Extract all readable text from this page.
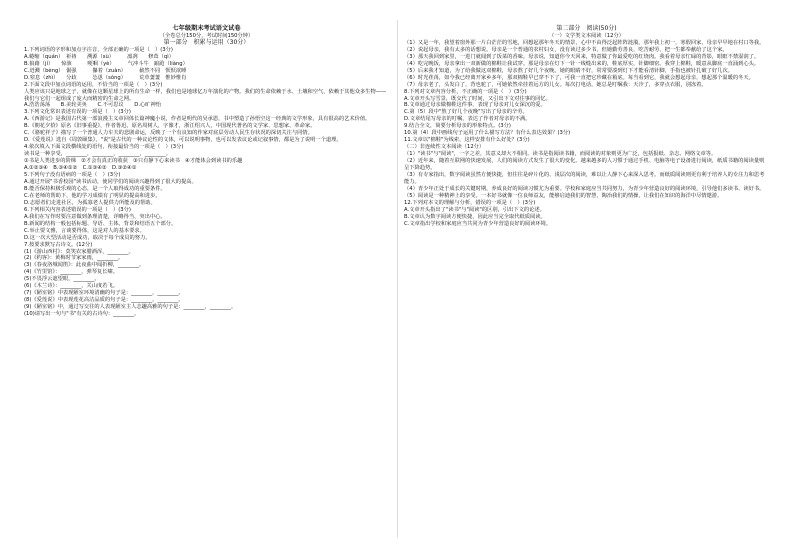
七年级期末考试语文试卷

（全卷总分150分，考试时间150分钟）

第一部分　积累与运用（30分）

1.下列词语的字形和加点字注音，全部正确的一项是（　）(3分)

A.蜷缩（quán）　祈祷　　溯源（sù）　　　凛冽　　修葺（qì）

B.狼藉（jí）　　惊骇　　　哽咽（yè）　　　气冲斗牛　踉跄（liàng）

C.迸溅（bèng）　倔强　　　攥着（zuàn）　　　截然不同　恹恹欲睡

D.窒息（zhì）　　分歧　　　怂恿（sǒng）　　　荒草萋萋　惟妙惟肖

2.下面文段中加点词语的运用，不恰当的一项是（　）(3分)

人类应该只是地球之子，就像在这颗星球上的所有生命一样，我们也是地球亿万年演化的产物。我们的生命依赖于水、土壤和空气，依赖于其他众多生物——我们与它们一起组成了庞大而精密的生命之网。

A.浩浩荡荡　　B.美轮美奂　　C.不可思议　　D.心旷神怡

3.下列文化常识表述有误的一项是（　）(3分)

A.《西游记》是我国古代第一部浪漫主义章回体长篇神魔小说，作者是明代的吴承恩，书中塑造了孙悟空这一经典的文学形象，具有很高的艺术价值。

B.《朝花夕拾》原名《旧事重提》，作者鲁迅，原名周树人，字豫才，浙江绍兴人，中国现代著名的文学家、思想家、革命家。

C.《骆驼祥子》描写了一个普通人力车夫的悲剧命运，反映了一个有良知的作家对底层劳动人民生存状况的深切关注与同情。

D.《爱莲说》选自《周敦颐集》，"说"是古代的一种议论性的文体，可以说明事物，也可以发表议论或记叙事情，都是为了说明一个道理。

4.依次填入下面文段横线处的语句，衔接最恰当的一项是（　）(3分)

读书是一种享受，________，________，________，________。

①书是人类进步的阶梯　②才会有真正的收获　③只有静下心来读书　④才能体会到读书的乐趣

A.①②③④　B.③④①②　C.①③④②　D.③②④①

5.下列句子没有语病的一项是（　）(3分)

A.通过开展"书香校园"读书活动，使同学们的阅读兴趣得到了很大的提高。

B.能否保持积极乐观的心态，是一个人取得成功的重要条件。

C.在老师的帮助下，他的学习成绩有了明显的提高和进步。

D.志愿者们走进社区，为孤寡老人提供力所能及的帮助。

6.下列相关内容表述错误的一项是（　）(3分)

A.我们在写作时要注意做到条理清楚，详略得当，突出中心。

B.新闻的结构一般包括标题、导语、主体、背景和结语五个部分。

C.举止要文雅，言谈要得体，这是对人的基本要求。

D.这一次大型活动是否成功，取决于每个成员的努力。

7.按要求默写古诗文。(12分)

(1)《游山西村》：莫笑农家腊酒浑，________。

(2)《约客》：黄梅时节家家雨，________。

(3)《春夜洛城闻笛》：此夜曲中闻折柳，________。

(4)《竹里馆》：________，弹琴复长啸。

(5)不畏浮云遮望眼，________。

(6)《木兰诗》：________，关山度若飞。

(7)《陋室铭》中表现陋室环境清幽的句子是：________，________。

(8)《爱莲说》中表现莲花高洁品质的句子是：________，________。

(9)《陋室铭》中，通过写交往的人表现陋室主人志趣高雅的句子是：________，________。

(10)请写出一句与"书"有关的古诗句：________。

第二部分　阅读(50分)

（一）文学类文本阅读（12分）

（1）又是一年，我望着窗外那一片白茫茫的雪地，回想起那年冬天的情景，心中不由得泛起阵阵涟漪。那年我上初一，寒假回家，母亲早早地在村口等我。

（2）说起母亲，我有太多的话想说。母亲是一个普通的农村妇女，没有读过多少书，但她勤劳善良，吃苦耐劳，把一生都奉献给了这个家。

（3）那天我回到家里，一进门就闻到了饭菜的香味。母亲说，知道你今天回来，特意做了你最爱吃的红烧肉。我看着母亲忙碌的背影，眼眶不禁湿润了。

（4）吃完晚饭，母亲拿出一双新做的棉鞋让我试穿。那是母亲在灯下一针一线缝出来的，鞋底厚实，针脚细密。我穿上棉鞋，暖意从脚底一直涌到心头。

（5）后来我才知道，为了给我做这双棉鞋，母亲熬了好几个夜晚。她的眼睛不好，常常要凑到灯下才能看清针脚，手指也被针扎破了好几次。

（6）时光荏苒，如今我已经离开家乡多年，那双棉鞋早已穿不下了，可我一直把它珍藏在箱底。每当看到它，我就会想起母亲，想起那个温暖的冬天。

（7）母亲老了，头发白了，背也驼了，可她依然牵挂着远方的儿女。每次打电话，她总是叮嘱我：天冷了，多穿点衣服，别冻着。

8.下列对文章内容分析，不正确的一项是（　）(3分)

A.文章开头写雪景，既交代了时间，又引出下文对往事的回忆。

B.文章通过母亲做棉鞋这件事，表现了母亲对儿女深沉的爱。

C.第（5）段中"熬了好几个夜晚"写出了母亲的辛劳。

D.文章结尾写母亲的叮嘱，表达了作者对母亲的不满。

9.结合全文，简要分析母亲的形象特点。(3分)

10.第（4）段中画线句子运用了什么描写方法？有什么表达效果？(3分)

11.文章以"棉鞋"为线索，这样安排有什么好处？(3分)

（二）非连续性文本阅读（12分）

（1）"读书"与"阅读"，一字之差，其意义却大不相同。读书是指阅读书籍，而阅读的对象则更为广泛，包括报纸、杂志、网络文章等。

（2）近年来，随着互联网的快速发展，人们的阅读方式发生了很大的变化。越来越多的人习惯于通过手机、电脑等电子设备进行阅读，纸质书籍的阅读量则呈下降趋势。

（3）有专家指出，数字阅读虽然方便快捷，但往往是碎片化的、浅层次的阅读，难以让人静下心来深入思考。而纸质阅读则更有利于培养人的专注力和思考能力。

（4）青少年正处于成长的关键时期，养成良好的阅读习惯尤为重要。学校和家庭应当共同努力，为青少年营造良好的阅读环境，引导他们多读书、读好书。

（5）阅读是一种精神上的享受。一本好书就像一位良师益友，能够启迪我们的智慧，陶冶我们的情操，让我们在知识的海洋中尽情遨游。

12.下列对本文的理解与分析，错误的一项是（　）(3分)

A.文章开头指出了"读书"与"阅读"的区别，引出下文的论述。

B.文章认为数字阅读方便快捷，因此应当完全取代纸质阅读。

C.文章指出学校和家庭应当共同为青少年营造良好的阅读环境。
